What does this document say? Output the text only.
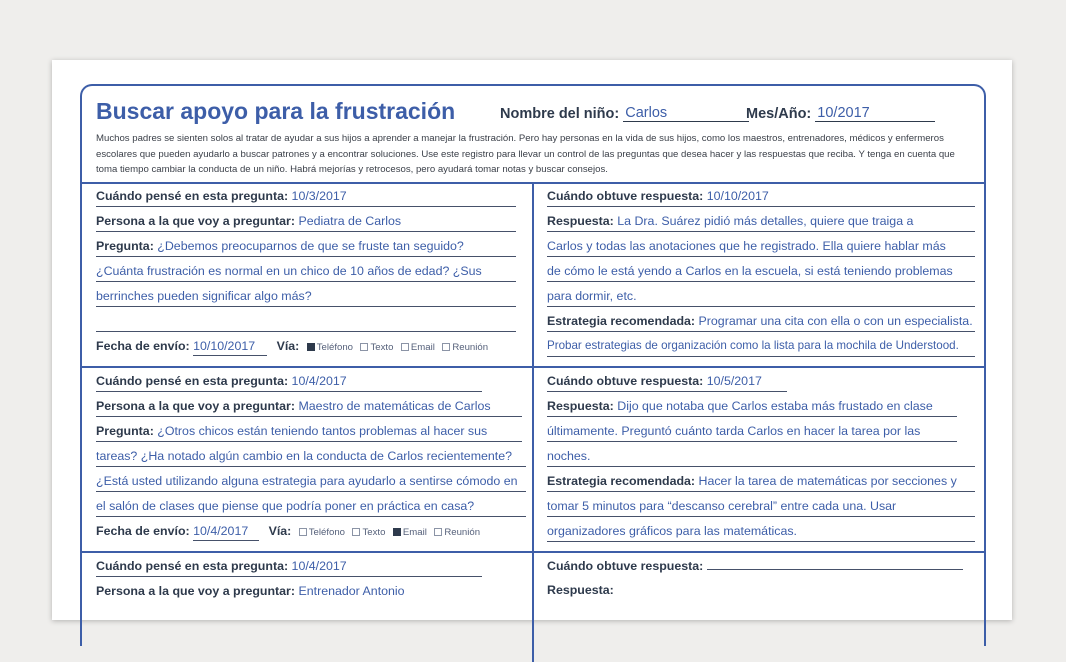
Buscar apoyo para la frustración	Nombre del niño: Carlos	Mes/Año: 10/2017
Muchos padres se sienten solos al tratar de ayudar a sus hijos a aprender a manejar la frustración. Pero hay personas en la vida de sus hijos, como los maestros, entrenadores, médicos y enfermeros escolares que pueden ayudarlo a buscar patrones y a encontrar soluciones. Use este registro para llevar un control de las preguntas que desea hacer y las respuestas que reciba. Y tenga en cuenta que toma tiempo cambiar la conducta de un niño. Habrá mejorías y retrocesos, pero ayudará tomar notas y buscar consejos.
Cuándo pensé en esta pregunta: 10/3/2017
Persona a la que voy a preguntar: Pediatra de Carlos
Pregunta: ¿Debemos preocuparnos de que se fruste tan seguido?
¿Cuánta frustración es normal en un chico de 10 años de edad? ¿Sus
berrinches pueden significar algo más?
Fecha de envío: 10/10/2017 Vía: Teléfono Texto Email Reunión
Cuándo obtuve respuesta: 10/10/2017
Respuesta: La Dra. Suárez pidió más detalles, quiere que traiga a
Carlos y todas las anotaciones que he registrado. Ella quiere hablar más
de cómo le está yendo a Carlos en la escuela, si está teniendo problemas
para dormir, etc.
Estrategia recomendada: Programar una cita con ella o con un especialista.
Probar estrategias de organización como la lista para la mochila de Understood.
Cuándo pensé en esta pregunta: 10/4/2017
Persona a la que voy a preguntar: Maestro de matemáticas de Carlos
Pregunta: ¿Otros chicos están teniendo tantos problemas al hacer sus
tareas? ¿Ha notado algún cambio en la conducta de Carlos recientemente?
¿Está usted utilizando alguna estrategia para ayudarlo a sentirse cómodo en
el salón de clases que piense que podría poner en práctica en casa?
Fecha de envío: 10/4/2017 Vía: Teléfono Texto Email Reunión
Cuándo obtuve respuesta: 10/5/2017
Respuesta: Dijo que notaba que Carlos estaba más frustado en clase
últimamente. Preguntó cuánto tarda Carlos en hacer la tarea por las
noches.
Estrategia recomendada: Hacer la tarea de matemáticas por secciones y
tomar 5 minutos para “descanso cerebral” entre cada una. Usar
organizadores gráficos para las matemáticas.
Cuándo pensé en esta pregunta: 10/4/2017
Persona a la que voy a preguntar: Entrenador Antonio
Cuándo obtuve respuesta:
Respuesta:
